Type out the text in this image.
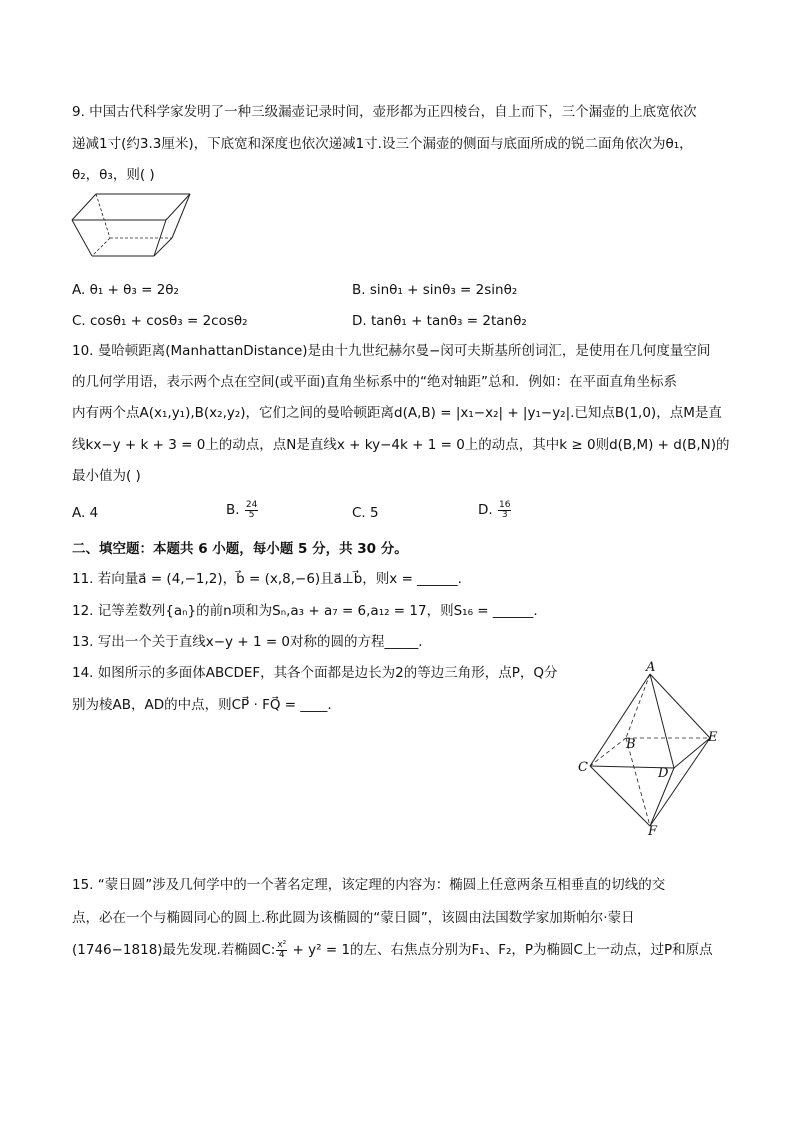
9. 中国古代科学家发明了一种三级漏壶记录时间，壶形都为正四棱台，自上而下，三个漏壶的上底宽依次
递减1寸(约3.3厘米)，下底宽和深度也依次递减1寸.设三个漏壶的侧面与底面所成的锐二面角依次为θ₁，
θ₂，θ₃，则( )
A. θ₁ + θ₃ = 2θ₂	B. sinθ₁ + sinθ₃ = 2sinθ₂
C. cosθ₁ + cosθ₃ = 2cosθ₂	D. tanθ₁ + tanθ₃ = 2tanθ₂
10. 曼哈顿距离(ManhattanDistance)是由十九世纪赫尔曼−闵可夫斯基所创词汇，是使用在几何度量空间
的几何学用语，表示两个点在空间(或平面)直角坐标系中的“绝对轴距”总和．例如：在平面直角坐标系
内有两个点A(x₁,y₁),B(x₂,y₂)，它们之间的曼哈顿距离d(A,B) = |x₁−x₂| + |y₁−y₂|.已知点B(1,0)，点M是直
线kx−y + k + 3 = 0上的动点，点N是直线x + ky−4k + 1 = 0上的动点，其中k ≥ 0则d(B,M) + d(B,N)的
最小值为( )
A. 4	B. $\frac{24}{5}$	C. 5	D. $\frac{16}{3}$
二、填空题：本题共 6 小题，每小题 5 分，共 30 分。
11. 若向量a⃗ = (4,−1,2)，b⃗ = (x,8,−6)且a⃗⊥b⃗，则x = ______.
12. 记等差数列{aₙ}的前n项和为Sₙ,a₃ + a₇ = 6,a₁₂ = 17，则S₁₆ = ______.
13. 写出一个关于直线x−y + 1 = 0对称的圆的方程_____.
14. 如图所示的多面体ABCDEF，其各个面都是边长为2的等边三角形，点P，Q分
别为棱AB，AD的中点，则CP⃗ · FQ⃗ = ____.
A
B
C	D
E
F
15. “蒙日圆”涉及几何学中的一个著名定理，该定理的内容为：椭圆上任意两条互相垂直的切线的交
点，必在一个与椭圆同心的圆上.称此圆为该椭圆的“蒙日圆”，该圆由法国数学家加斯帕尔·蒙日
(1746−1818)最先发现.若椭圆C: $\frac{\text{x²}}{4} + y^2 = 1$的左、右焦点分别为F₁、F₂，P为椭圆C上一动点，过P和原点
